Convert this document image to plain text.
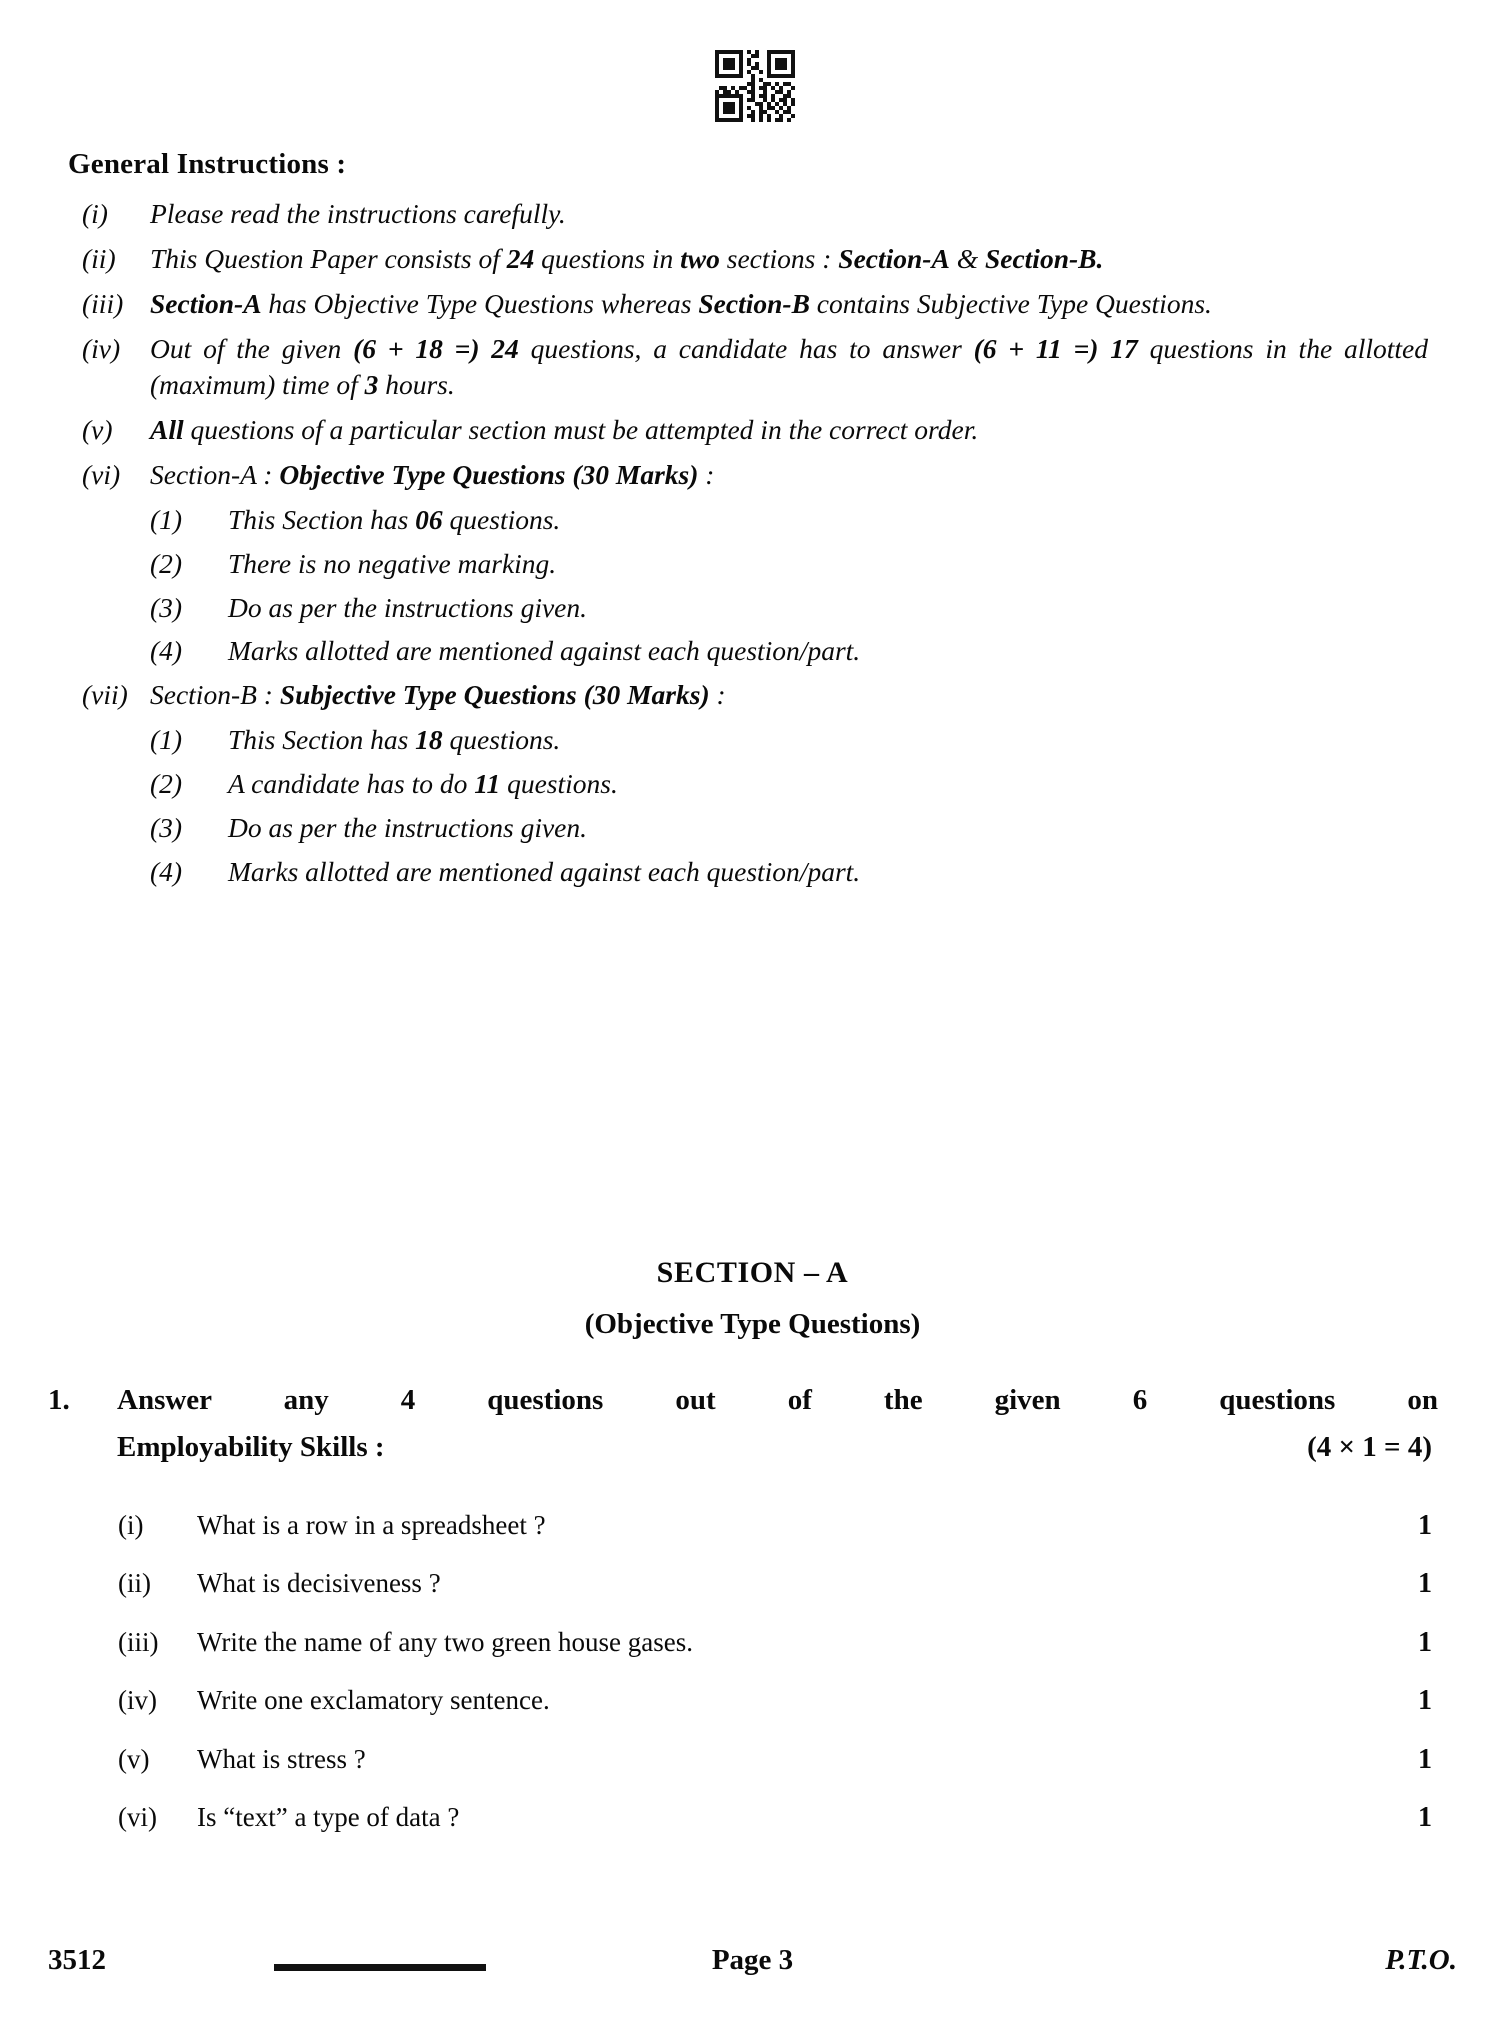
General Instructions :
(i)	Please read the instructions carefully.
(ii)	This Question Paper consists of 24 questions in two sections : Section-A & Section-B.
(iii) Section-A has Objective Type Questions whereas Section-B contains Subjective Type Questions.
(iv)	Out of the given (6 + 18 =) 24 questions, a candidate has to answer (6 + 11 =) 17 questions in the allotted (maximum) time of 3 hours.
(v)	All questions of a particular section must be attempted in the correct order.
(vi)	Section-A : Objective Type Questions (30 Marks) :
(1)	This Section has 06 questions.
(2)	There is no negative marking.
(3)	Do as per the instructions given.
(4)	Marks allotted are mentioned against each question/part.
(vii) Section-B : Subjective Type Questions (30 Marks) :
(1)	This Section has 18 questions.
(2)	A candidate has to do 11 questions.
(3)	Do as per the instructions given.
(4)	Marks allotted are mentioned against each question/part.
SECTION – A
(Objective Type Questions)
1.	Answer any 4 questions out of the given 6 questions on
Employability Skills :	(4 × 1 = 4)
(i)	What is a row in a spreadsheet ?	1
(ii)	What is decisiveness ?	1
(iii)	Write the name of any two green house gases.	1
(iv)	Write one exclamatory sentence.	1
(v)	What is stress ?	1
(vi)	Is “text” a type of data ?	1
3512	Page 3	P.T.O.
